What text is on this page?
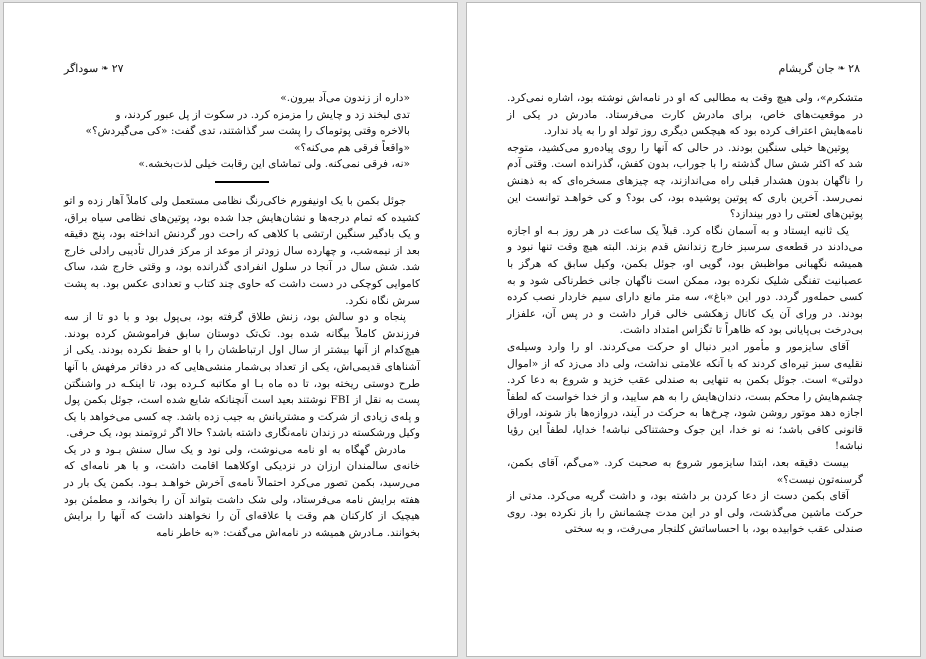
۲۷
❧
سوداگر

«داره از زندون می‌آد بیرون.»

تدی لبخند زد و چایش را مزمزه کرد. در سکوت از پل عبور کردند، و

بالاخره وقتی پوتوماک را پشت سر گذاشتند، تدی گفت: «کی می‌گیردش؟»

«واقعاً فرقی هم می‌کنه؟»

«نه، فرقی نمی‌کنه. ولی تماشای این رقابت خیلی لذت‌بخشه.»

جوئل بکمن با یک اونیفورم خاکی‌رنگ نظامی مستعمل ولی کاملاً آهار زده و اتو کشیده که تمام درجه‌ها و نشان‌هایش جدا شده بود، پوتین‌های نظامی سیاه براق، و یک بادگیر سنگین ارتشی با کلاهی که راحت دور گردنش انداخته بود، پنج دقیقه بعد از نیمه‌شب، و چهارده سال زودتر از موعد از مرکز فدرال تأدیبی رادلی خارج شد. شش سال در آنجا در سلول انفرادی گذرانده بود، و وقتی خارج شد، ساک کاموایی کوچکی در دست داشت که حاوی چند کتاب و تعدادی عکس بود. به پشت سرش نگاه نکرد.

پنجاه و دو سالش بود، زنش طلاق گرفته بود، بی‌پول بود و با دو تا از سه فرزندش کاملاً بیگانه شده بود. تک‌تک دوستان سابق فراموشش کرده بودند. هیچ‌کدام از آنها بیشتر از سال اول ارتباطشان را با او حفظ نکرده بودند. یکی از آشناهای قدیمی‌اش، یکی از تعداد بی‌شمار منشی‌هایی که در دفاتر مرفهش با آنها طرح دوستی ریخته بود، تا ده ماه بـا او مکاتبه کـرده بود، تا اینکـه در واشنگتن پست به نقل از FBI نوشتند بعید است آنچنانکه شایع شده است، جوئل بکمن پول و پله‌ی زیادی از شرکت و مشتریانش به جیب زده باشد. چه کسی می‌خواهد با یک وکیل ورشکسته در زندان نامه‌نگاری داشته باشد؟ حالا اگر ثروتمند بود، یک حرفی.

مادرش گهگاه به او نامه می‌نوشت، ولی نود و یک سال سنش بـود و در یک خانه‌ی سالمندان ارزان در نزدیکی اوکلاهما اقامت داشت، و با هر نامه‌ای که می‌رسید، بکمن تصور می‌کرد احتمالاً نامه‌ی آخرش خواهـد بـود. بکمن یک بار در هفته برایش نامه می‌فرستاد، ولی شک داشت بتواند آن را بخواند، و مطمئن بود هیچیک از کارکنان هم وقت یا علاقه‌ای آن را نخواهند داشت که آنها را برایش بخوانند. مـادرش همیشه در نامه‌اش می‌گفت: «به خاطر نامه

۲۸
❧
جان گریشام

متشکرم»، ولی هیچ وقت به مطالبی که او در نامه‌اش نوشته بود، اشاره نمی‌کرد. در موقعیت‌های خاص، برای مادرش کارت می‌فرستاد. مادرش در یکی از نامه‌هایش اعتراف کرده بود که هیچکس دیگری روز تولد او را به یاد ندارد.

پوتین‌ها خیلی سنگین بودند. در حالی که آنها را روی پیاده‌رو می‌کشید، متوجه شد که اکثر شش سال گذشته را با جوراب، بدون کفش، گذرانده است. وقتی آدم را ناگهان بدون هشدار قبلی راه می‌اندازند، چه چیزهای مسخره‌ای که به ذهنش نمی‌رسد. آخرین باری که پوتین پوشیده بود، کی بود؟ و کی خواهـد توانست این پوتین‌های لعنتی را دور بیندازد؟

یک ثانیه ایستاد و به آسمان نگاه کرد. قبلاً یک ساعت در هر روز بـه او اجازه می‌دادند در قطعه‌ی سرسبز خارج زندانش قدم بزند. البته هیچ وقت تنها نبود و همیشه نگهبانی مواظبش بود، گویی او، جوئل بکمن، وکیل سابق که هرگز با عصبانیت تفنگی شلیک نکرده بود، ممکن است ناگهان جانی خطرناکی شود و به کسی حمله‌ور گردد. دور این «باغ»، سه متر مانع دارای سیم خاردار نصب کرده بودند. در ورای آن یک کانال زهکشی خالی قرار داشت و در پس آن، علفزار بی‌درخت بی‌پایانی بود که ظاهراً تا تگزاس امتداد داشت.

آقای سایزمور و مأمور ادیر دنبال او حرکت می‌کردند. او را وارد وسیله‌ی نقلیه‌ی سبز تیره‌ای کردند که با آنکه علامتی نداشت، ولی داد می‌زد که از «اموال دولتی» است. جوئل بکمن به تنهایی به صندلی عقب خزید و شروع به دعا کرد. چشم‌هایش را محکم بست، دندان‌هایش را به هم سایید، و از خدا خواست که لطفاً اجازه دهد موتور روشن شود، چرخ‌ها به حرکت در آیند، دروازه‌ها باز شوند، اوراق قانونی کافی باشد؛ نه نو خدا، این جوک وحشتناکی نباشه! خدایا، لطفاً این رؤیا نباشه!

بیست دقیقه بعد، ابتدا سایزمور شروع به صحبت کرد. «می‌گم، آقای بکمن، گرسنه‌تون نیست؟»

آقای بکمن دست از دعا کردن بر داشته بود، و داشت گریه می‌کرد. مدتی از حرکت ماشین می‌گذشت، ولی او در این مدت چشمانش را باز نکرده بود. روی صندلی عقب خوابیده بود، با احساساتش کلنجار می‌رفت، و به سختی
